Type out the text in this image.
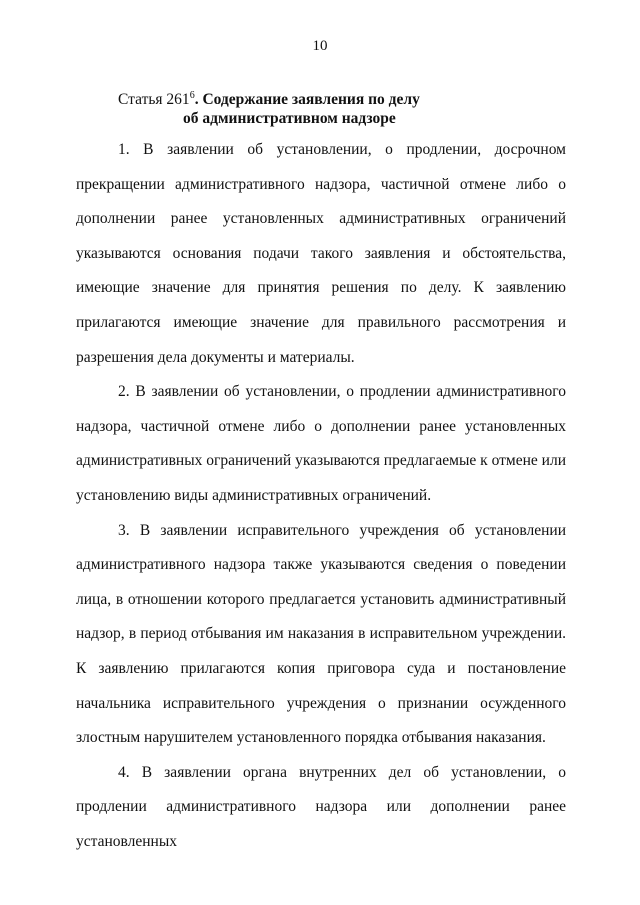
10
Статья $261^6$. Содержание заявления по делу
об административном надзоре

1. В заявлении об установлении, о продлении, досрочном прекращении административного надзора, частичной отмене либо о дополнении ранее установленных административных ограничений указываются основания подачи такого заявления и обстоятельства, имеющие значение для принятия решения по делу. К заявлению прилагаются имеющие значение для правильного рассмотрения и разрешения дела документы и материалы.

2. В заявлении об установлении, о продлении административного надзора, частичной отмене либо о дополнении ранее установленных административных ограничений указываются предлагаемые к отмене или установлению виды административных ограничений.

3. В заявлении исправительного учреждения об установлении административного надзора также указываются сведения о поведении лица, в отношении которого предлагается установить административный надзор, в период отбывания им наказания в исправительном учреждении. К заявлению прилагаются копия приговора суда и постановление начальника исправительного учреждения о признании осужденного злостным нарушителем установленного порядка отбывания наказания.

4. В заявлении органа внутренних дел об установлении, о продлении административного надзора или дополнении ранее установленных
